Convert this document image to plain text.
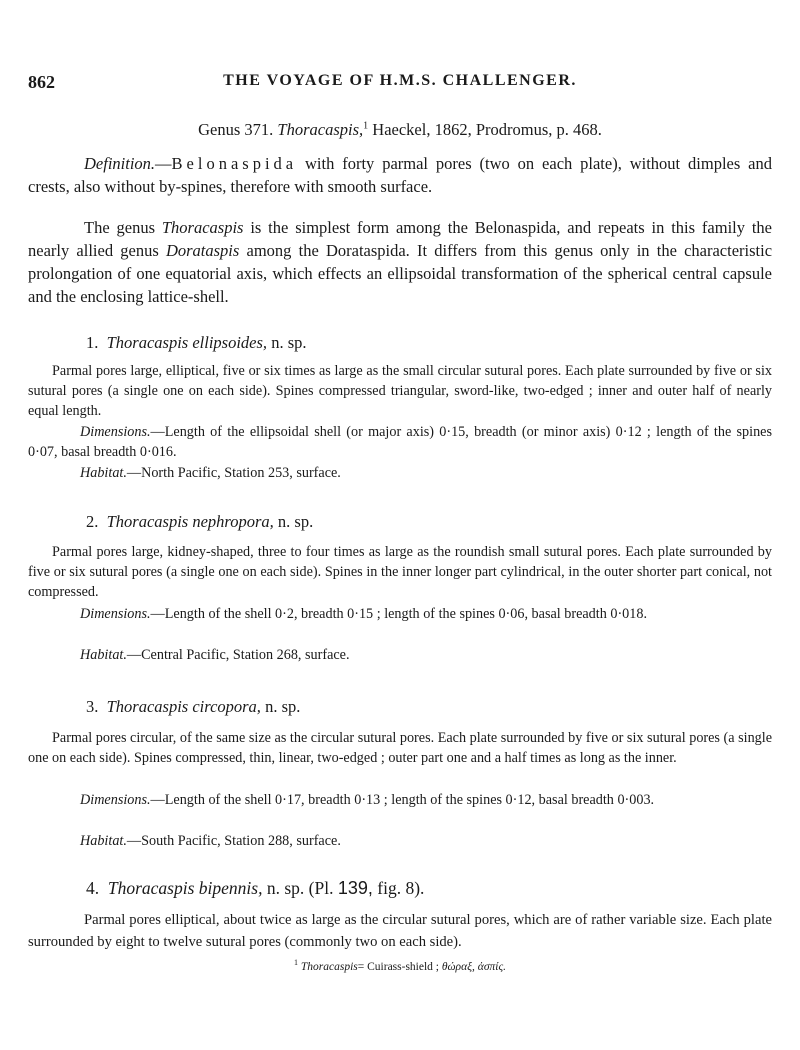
862	THE VOYAGE OF H.M.S. CHALLENGER.
Genus 371. Thoracaspis,$^1$ Haeckel, 1862, Prodromus, p. 468.
Definition.—Belonaspida with forty parmal pores (two on each plate), without dimples and crests, also without by-spines, therefore with smooth surface.
The genus Thoracaspis is the simplest form among the Belonaspida, and repeats in this family the nearly allied genus Dorataspis among the Dorataspida. It differs from this genus only in the characteristic prolongation of one equatorial axis, which effects an ellipsoidal transformation of the spherical central capsule and the enclosing lattice-shell.
1. Thoracaspis ellipsoides, n. sp.
Parmal pores large, elliptical, five or six times as large as the small circular sutural pores. Each plate surrounded by five or six sutural pores (a single one on each side). Spines compressed triangular, sword-like, two-edged ; inner and outer half of nearly equal length.
Dimensions.—Length of the ellipsoidal shell (or major axis) 0·15, breadth (or minor axis) 0·12 ; length of the spines 0·07, basal breadth 0·016.
Habitat.—North Pacific, Station 253, surface.
2. Thoracaspis nephropora, n. sp.
Parmal pores large, kidney-shaped, three to four times as large as the roundish small sutural pores. Each plate surrounded by five or six sutural pores (a single one on each side). Spines in the inner longer part cylindrical, in the outer shorter part conical, not compressed.
Dimensions.—Length of the shell 0·2, breadth 0·15 ; length of the spines 0·06, basal breadth 0·018.
Habitat.—Central Pacific, Station 268, surface.
3. Thoracaspis circopora, n. sp.
Parmal pores circular, of the same size as the circular sutural pores. Each plate surrounded by five or six sutural pores (a single one on each side). Spines compressed, thin, linear, two-edged ; outer part one and a half times as long as the inner.
Dimensions.—Length of the shell 0·17, breadth 0·13 ; length of the spines 0·12, basal breadth 0·003.
Habitat.—South Pacific, Station 288, surface.
4. Thoracaspis bipennis, n. sp. (Pl. 139, fig. 8).
Parmal pores elliptical, about twice as large as the circular sutural pores, which are of rather variable size. Each plate surrounded by eight to twelve sutural pores (commonly two on each side).
$^1$ Thoracaspis= Cuirass-shield ; θώραξ, ἀσπίς.
